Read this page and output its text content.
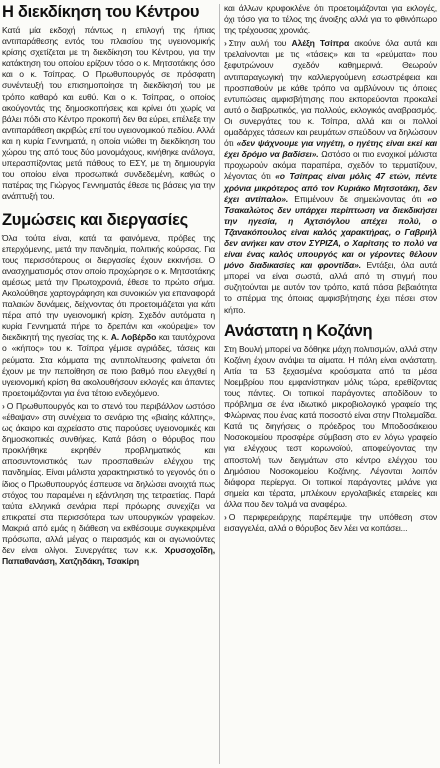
Η διεκδίκηση του Κέντρου

Κατά μία εκδοχή πάντως η επιλογή της ήπιας αντιπαράθεσης εντός του πλαισίου της υγειονομικής κρίσης σχετίζεται με τη διεκδίκηση του Κέντρου, για την κατάκτηση του οποίου ερίζουν τόσο ο κ. Μητσοτάκης όσο και ο κ. Τσίπρας. Ο Πρωθυπουργός σε πρόσφατη συνέντευξή του επισημοποίησε τη διεκδίκησή του με τρόπο καθαρό και ευθύ. Και ο κ. Τσίπρας, ο οποίος ακούγοντάς της δημοσκοπήσεις και κρίνει ότι χωρίς να βάλει πόδι στο Κέντρο προκοπή δεν θα εύρει, επέλεξε την αντιπαράθεση ακριβώς επί του υγειονομικού πεδίου. Αλλά και η κυρία Γεννηματά, η οποία νιώθει τη διεκδίκηση του χώρου της από τους δύο μονομάχους, κινήθηκε ανάλογα, υπερασπίζοντας μετά πάθους το ΕΣΥ, με τη δημιουργία του οποίου είναι προσωπικά συνδεδεμένη, καθώς ο πατέρας της Γιώργος Γεννηματάς έθεσε τις βάσεις για την ανάπτυξή του.

Ζυμώσεις και διεργασίες

Όλα τούτα είναι, κατά τα φαινόμενα, πρόβες της επερχόμενης, μετά την πανδημία, πολιτικής κούρσας. Για τους περισσότερους οι διεργασίες έχουν εκκινήσει. Ο ανασχηματισμός στον οποίο προχώρησε ο κ. Μητσοτάκης αμέσως μετά την Πρωτοχρονιά, έθεσε το πρώτο σήμα. Ακολούθησε χαρτογράφηση και συνοικιών για επαναφορά παλαιών δυνάμεις, δείχνοντας ότι προετοιμάζεται για κάτι πέρα από την υγειονομική κρίση. Σχεδόν αυτόματα η κυρία Γεννηματά πήρε το δρεπάνι και «κούρεψε» τον διεκδικητή της ηγεσίας της κ. Α. Λοβέρδο και ταυτόχρονα ο «κήπος» του κ. Τσίπρα γέμισε αγριάδες, τάσεις και ρεύματα. Στα κόμματα της αντιπολίτευσης φαίνεται ότι έχουν με την πεποίθηση σε ποιο βαθμό που ελεγχθεί η υγειονομική κρίση θα ακολουθήσουν εκλογές και άπαντες προετοιμάζονται για ένα τέτοιο ενδεχόμενο.

› Ο Πρωθυπουργός και το στενό του περιβάλλον ωστόσο «έθαψαν» στη συνέχεια το σενάριο της «βιαίης κάλπης», ως άκαιρο και αχρείαστο στις παρούσες υγειονομικές και δημοσκοπικές συνθήκες. Κατά βάση ο θόρυβος που προκλήθηκε εκρηθέν προβληματικός και αποσυντονιστικός των προσπαθειών ελέγχου της πανδημίας. Είναι μάλιστα χαρακτηριστικό το γεγονός ότι ο ίδιος ο Πρωθυπουργός έσπευσε να δηλώσει ανοιχτά πως στόχος του παραμένει η εξάντληση της τετραετίας. Παρά ταύτα ελληνικά σενάρια περί πρόωρης συνεχίζει να επικρατεί στα περισσότερα των υπουργικών γραφείων. Μακριά από εμάς η διάθεση να εκθέσουμε συγκεκριμένα πρόσωπα, αλλά μέγας ο πειρασμός και οι αγωνιούντες δεν είναι ολίγοι. Συνεργάτες των κ.κ. Χρυσοχοΐδη, Παπαθανάση, Χατζηδάκη, Τσακίρη

και άλλων κρυφοκλένε ότι προετοιμάζονται για εκλογές, όχι τόσο για το τέλος της άνοιξης αλλά για το φθινόπωρο της τρέχουσας χρονιάς.

› Στην αυλή του Αλέξη Τσίπρα ακούνε όλα αυτά και τρελαίνονται με τις «τάσεις» και τα «ρεύματα» που ξεφυτρώνουν σχεδόν καθημερινά. Θεωρούν αντιπαραγωγική την καλλιεργούμενη εσωστρέφεια και προσπαθούν με κάθε τρόπο να αμβλύνουν τις όποιες εντυπώσεις αμφισβήτησης που εκπορεύονται προκαλεί αυτό ο διαβρωτικός, για πολλούς, εκλογικός αναβρασμός. Οι συνεργάτες του κ. Τσίπρα, αλλά και οι πολλοί ομαδάρχες τάσεων και ρευμάτων σπεύδουν να δηλώσουν ότι «δεν ψάχνουμε για νηγέτη, ο ηγέτης είναι εκεί και έχει δρόμο να βαδίσει». Ωστόσο οι πιο ενοχικοί μάλιστα προχωρούν ακόμα παραπέρα, σχεδόν το τερματίζουν, λέγοντας ότι «ο Τσίπρας είναι μόλις 47 ετών, πέντε χρόνια μικρότερος από τον Κυριάκο Μητσοτάκη, δεν έχει αντίπαλο». Επιμένουν δε σημειώνοντας ότι «ο Τσακαλώτος δεν υπάρχει περίπτωση να διεκδικήσει την ηγεσία, η Αχτσιόγλου απέχει πολύ, ο Τζανακόπουλος είναι καλός χαρακτήρας, ο Γαβριήλ δεν ανήκει καν στον ΣΥΡΙΖΑ, ο Χαρίτσης το πολύ να είναι ένας καλός υπουργός και οι γέροντες θέλουν μόνο διαδικασίες και φροντίδα». Εντάξει, όλα αυτά μπορεί να είναι σωστά, αλλά από τη στιγμή που συζητούνται με αυτόν τον τρόπο, κατά πάσα βεβαιότητα το σπέρμα της όποιας αμφισβήτησης έχει πέσει στον κήπο.

Ανάστατη η Κοζάνη

Στη Βουλή μπορεί να δόθηκε μάχη πολιτισμών, αλλά στην Κοζάνη έχουν ανάψει τα αίματα. Η πόλη είναι ανάστατη. Αιτία τα 53 ξεχασμένα κρούσματα από τα μέσα Νοεμβρίου που εμφανίστηκαν μόλις τώρα, ερεθίζοντας τους πάντες. Οι τοπικοί παράγοντες αποδίδουν το πρόβλημα σε ένα ιδιωτικό μικροβιολογικό γραφείο της Φλώρινας που ένας κατά ποσοστό είναι στην Πτολεμαΐδα. Κατά τις διηγήσεις ο πρόεδρος του Μποδοσάκειου Νοσοκομείου προσφέρε σύμβαση στο εν λόγω γραφείο για ελέγχους τεστ κορωνοϊού, αποφεύγοντας την αποστολή των δειγμάτων στο κέντρο ελέγχου του Δημόσιου Νοσοκομείου Κοζάνης. Λέγονται λοιπόν διάφορα περίεργα. Οι τοπικοί παράγοντες μιλάνε για σημεία και τέρατα, μπλέκουν εργολαβικές εταιρείες και άλλα που δεν τολμά να αναφέρω.

› Ο περιφερειάρχης παρέπεμψε την υπόθεση στον εισαγγελέα, αλλά ο θόρυβος δεν λέει να κοπάσει...
